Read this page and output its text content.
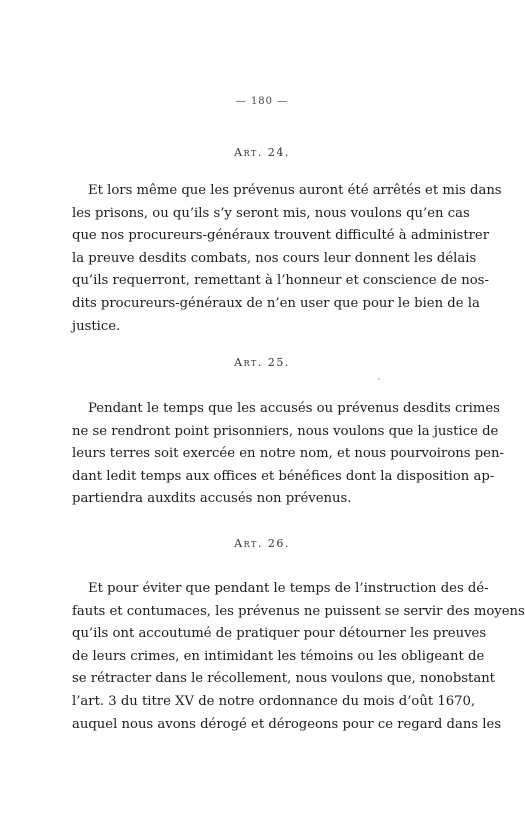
— 180 —
Art. 24.
Et lors même que les prévenus auront été arrêtés et mis dans
les prisons, ou qu’ils s’y seront mis, nous voulons qu’en cas
que nos procureurs-généraux trouvent difficulté à administrer
la preuve desdits combats, nos cours leur donnent les délais
qu’ils requerront, remettant à l’honneur et conscience de nos-
dits procureurs-généraux de n’en user que pour le bien de la
justice.
Art. 25.
Pendant le temps que les accusés ou prévenus desdits crimes
ne se rendront point prisonniers, nous voulons que la justice de
leurs terres soit exercée en notre nom, et nous pourvoirons pen-
dant ledit temps aux offices et bénéfices dont la disposition ap-
partiendra auxdits accusés non prévenus.
Art. 26.
Et pour éviter que pendant le temps de l’instruction des dé-
fauts et contumaces, les prévenus ne puissent se servir des moyens
qu’ils ont accoutumé de pratiquer pour détourner les preuves
de leurs crimes, en intimidant les témoins ou les obligeant de
se rétracter dans le récollement, nous voulons que, nonobstant
l’art. 3 du titre XV de notre ordonnance du mois d’oût 1670,
auquel nous avons dérogé et dérogeons pour ce regard dans les
